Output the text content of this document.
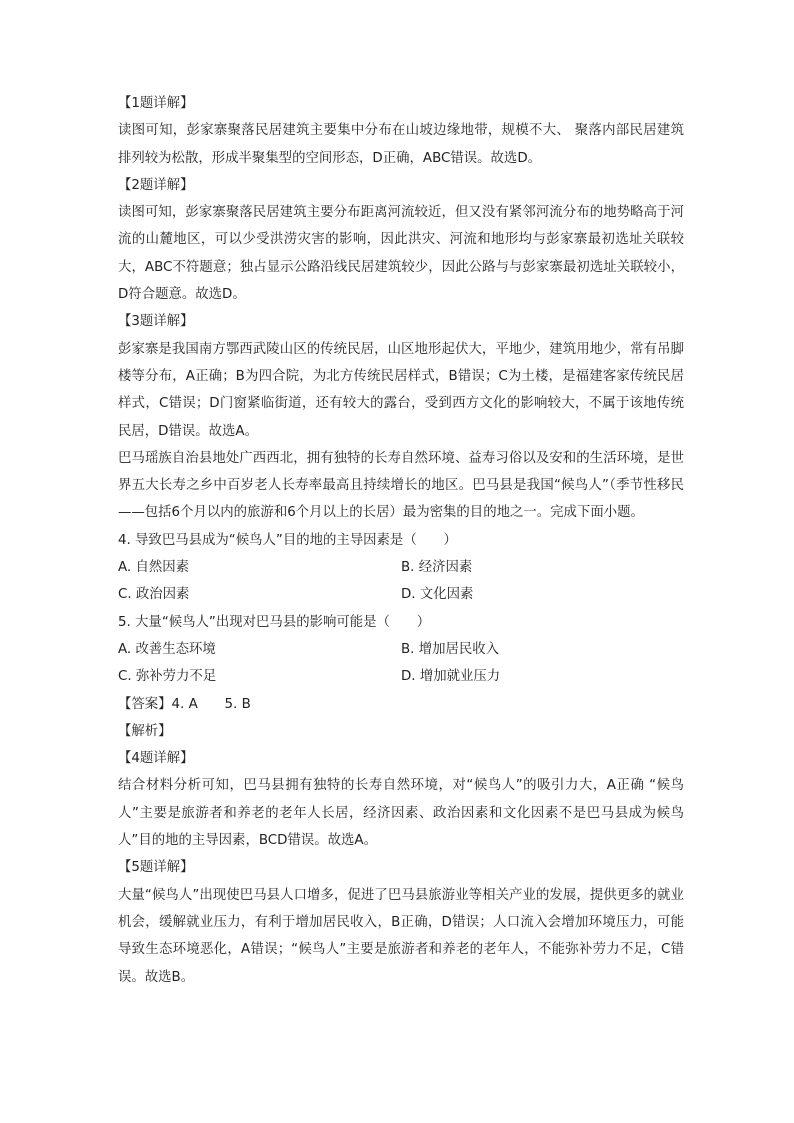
【1题详解】

读图可知，彭家寨聚落民居建筑主要集中分布在山坡边缘地带，规模不大、 聚落内部民居建筑排列较为松散，形成半聚集型的空间形态，D正确，ABC错误。故选D。

【2题详解】

读图可知，彭家寨聚落民居建筑主要分布距离河流较近，但又没有紧邻河流分布的地势略高于河流的山麓地区，可以少受洪涝灾害的影响，因此洪灾、河流和地形均与彭家寨最初选址关联较大，ABC不符题意；独占显示公路沿线民居建筑较少，因此公路与与彭家寨最初选址关联较小，D符合题意。故选D。

【3题详解】

彭家寨是我国南方鄂西武陵山区的传统民居，山区地形起伏大，平地少，建筑用地少，常有吊脚楼等分布，A正确；B为四合院，为北方传统民居样式，B错误；C为土楼，是福建客家传统民居样式，C错误；D门窗紧临街道，还有较大的露台，受到西方文化的影响较大，不属于该地传统民居，D错误。故选A。

巴马瑶族自治县地处广西西北，拥有独特的长寿自然环境、益寿习俗以及安和的生活环境，是世界五大长寿之乡中百岁老人长寿率最高且持续增长的地区。巴马县是我国“候鸟人”（季节性移民——包括6个月以内的旅游和6个月以上的长居）最为密集的目的地之一。完成下面小题。

4. 导致巴马县成为“候鸟人”目的地的主导因素是（　　）

A. 自然因素	B. 经济因素
C. 政治因素	D. 文化因素

5. 大量“候鸟人”出现对巴马县的影响可能是（　　）

A. 改善生态环境	B. 增加居民收入
C. 弥补劳力不足	D. 增加就业压力

【答案】4. A　　5. B

【解析】

【4题详解】

结合材料分析可知，巴马县拥有独特的长寿自然环境，对“候鸟人”的吸引力大，A正确 “候鸟人”主要是旅游者和养老的老年人长居，经济因素、政治因素和文化因素不是巴马县成为候鸟人”目的地的主导因素，BCD错误。故选A。

【5题详解】

大量“候鸟人”出现使巴马县人口增多，促进了巴马县旅游业等相关产业的发展，提供更多的就业机会，缓解就业压力，有利于增加居民收入，B正确，D错误；人口流入会增加环境压力，可能导致生态环境恶化，A错误；“候鸟人”主要是旅游者和养老的老年人，不能弥补劳力不足，C错误。故选B。
